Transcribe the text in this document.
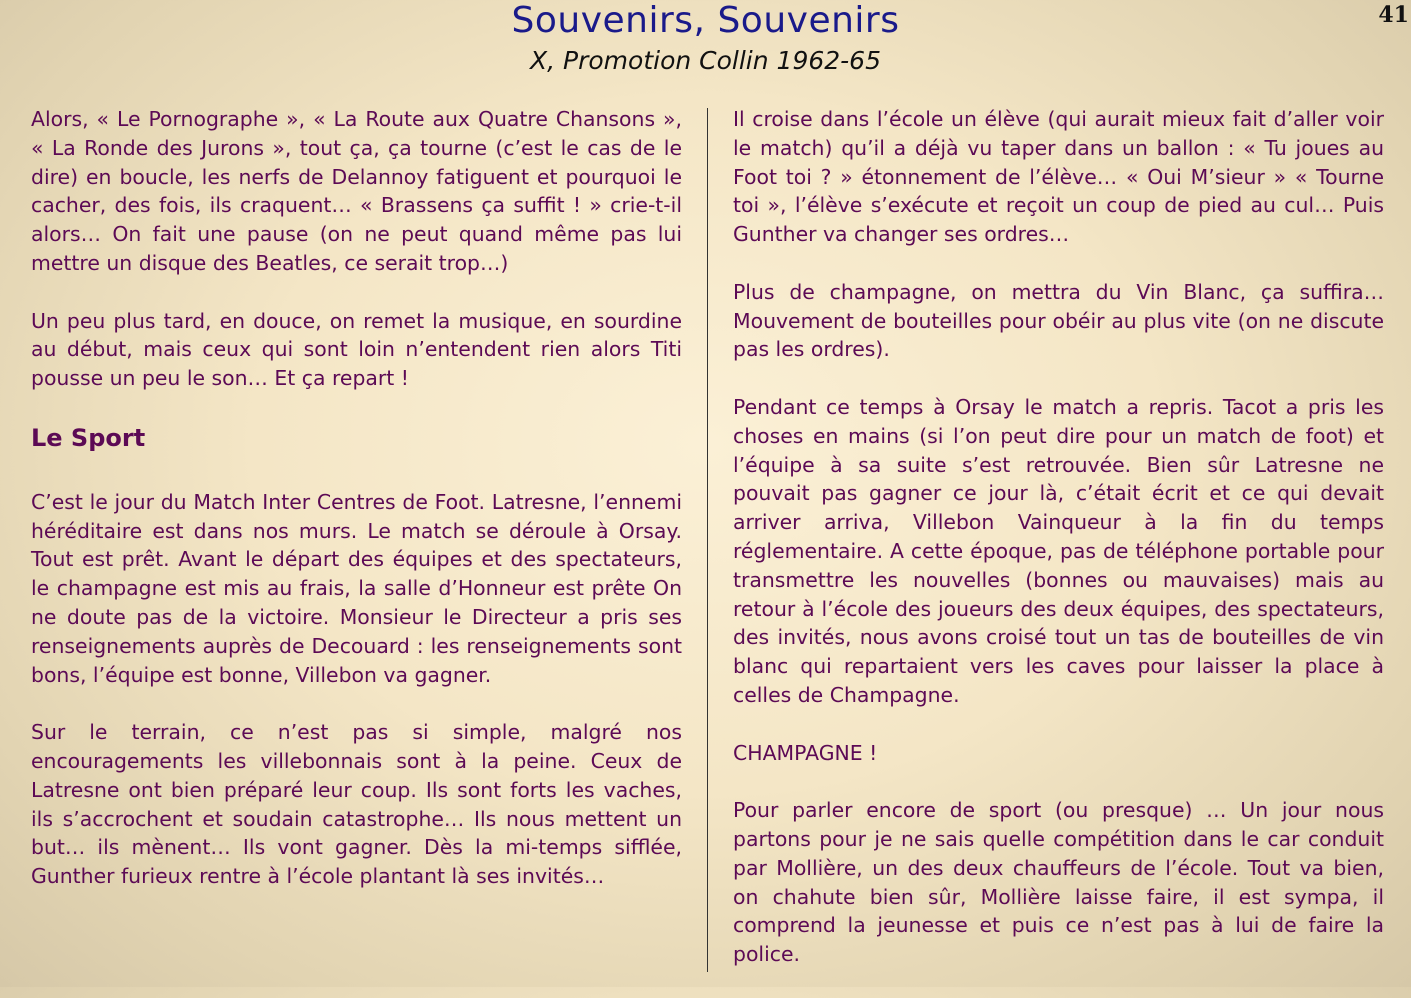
41
Souvenirs, Souvenirs
X, Promotion Collin 1962-65

Alors, « Le Pornographe », « La Route aux Quatre Chansons », « La Ronde des Jurons », tout ça, ça tourne (c’est le cas de le dire) en boucle, les nerfs de Delannoy fatiguent et pourquoi le cacher, des fois, ils craquent… « Brassens ça suffit ! » crie-t-il alors… On fait une pause (on ne peut quand même pas lui mettre un disque des Beatles, ce serait trop…)

Un peu plus tard, en douce, on remet la musique, en sourdine au début, mais ceux qui sont loin n’entendent rien alors Titi pousse un peu le son… Et ça repart !

Le Sport

C’est le jour du Match Inter Centres de Foot. Latresne, l’ennemi héréditaire est dans nos murs. Le match se déroule à Orsay. Tout est prêt. Avant le départ des équipes et des spectateurs, le champagne est mis au frais, la salle d’Honneur est prête On ne doute pas de la victoire. Monsieur le Directeur a pris ses renseignements auprès de Decouard : les renseignements sont bons, l’équipe est bonne, Villebon va gagner.

Sur le terrain, ce n’est pas si simple, malgré nos encouragements les villebonnais sont à la peine. Ceux de Latresne ont bien préparé leur coup. Ils sont forts les vaches, ils s’accrochent et soudain catastrophe… Ils nous mettent un but… ils mènent… Ils vont gagner. Dès la mi-temps sifflée, Gunther furieux rentre à l’école plantant là ses invités…

Il croise dans l’école un élève (qui aurait mieux fait d’aller voir le match) qu’il a déjà vu taper dans un ballon : « Tu joues au Foot toi ? » étonnement de l’élève… « Oui M’sieur » « Tourne toi », l’élève s’exécute et reçoit un coup de pied au cul… Puis Gunther va changer ses ordres…

Plus de champagne, on mettra du Vin Blanc, ça suffira… Mouvement de bouteilles pour obéir au plus vite (on ne discute pas les ordres).

Pendant ce temps à Orsay le match a repris. Tacot a pris les choses en mains (si l’on peut dire pour un match de foot) et l’équipe à sa suite s’est retrouvée. Bien sûr Latresne ne pouvait pas gagner ce jour là, c’était écrit et ce qui devait arriver arriva, Villebon Vainqueur à la fin du temps réglementaire. A cette époque, pas de téléphone portable pour transmettre les nouvelles (bonnes ou mauvaises) mais au retour à l’école des joueurs des deux équipes, des spectateurs, des invités, nous avons croisé tout un tas de bouteilles de vin blanc qui repartaient vers les caves pour laisser la place à celles de Champagne.

CHAMPAGNE !

Pour parler encore de sport (ou presque) … Un jour nous partons pour je ne sais quelle compétition dans le car conduit par Mollière, un des deux chauffeurs de l’école. Tout va bien, on chahute bien sûr, Mollière laisse faire, il est sympa, il comprend la jeunesse et puis ce n’est pas à lui de faire la police.
